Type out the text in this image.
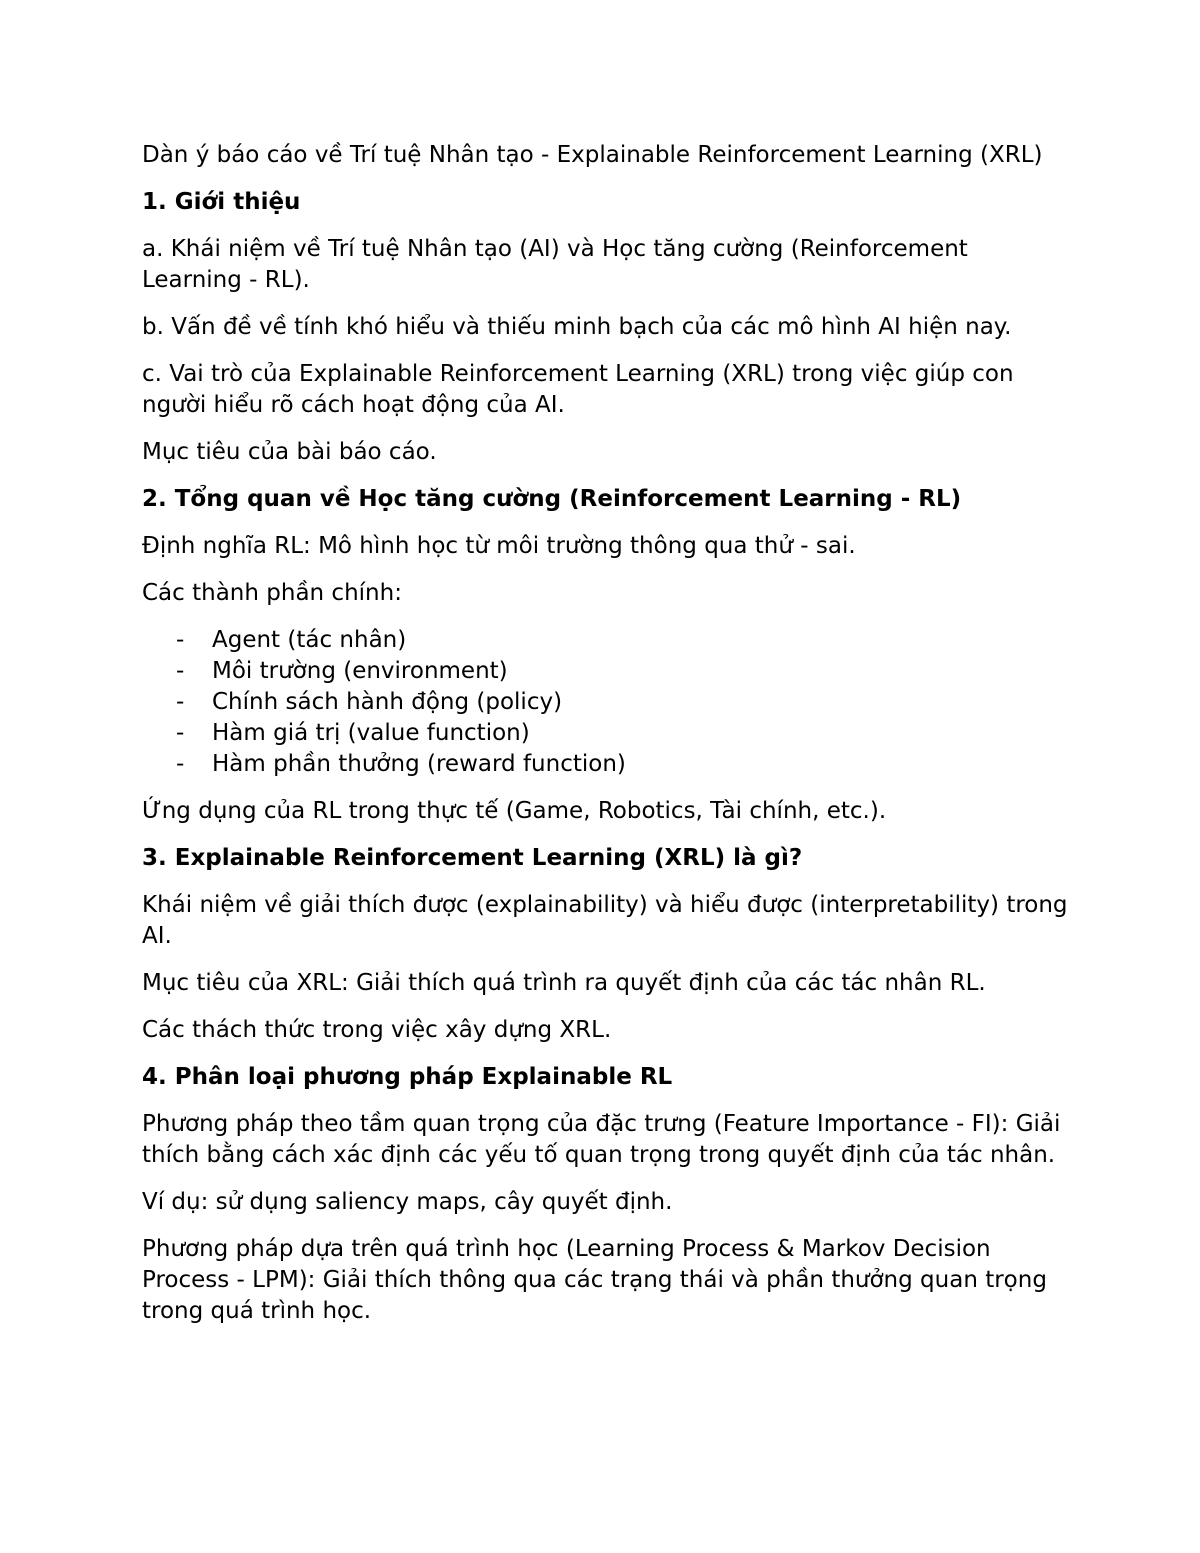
Dàn ý báo cáo về Trí tuệ Nhân tạo - Explainable Reinforcement Learning (XRL)

1. Giới thiệu

a. Khái niệm về Trí tuệ Nhân tạo (AI) và Học tăng cường (Reinforcement Learning - RL).

b. Vấn đề về tính khó hiểu và thiếu minh bạch của các mô hình AI hiện nay.

c. Vai trò của Explainable Reinforcement Learning (XRL) trong việc giúp con người hiểu rõ cách hoạt động của AI.

Mục tiêu của bài báo cáo.

2. Tổng quan về Học tăng cường (Reinforcement Learning - RL)

Định nghĩa RL: Mô hình học từ môi trường thông qua thử - sai.

Các thành phần chính:

- Agent (tác nhân)
- Môi trường (environment)
- Chính sách hành động (policy)
- Hàm giá trị (value function)
- Hàm phần thưởng (reward function)

Ứng dụng của RL trong thực tế (Game, Robotics, Tài chính, etc.).

3. Explainable Reinforcement Learning (XRL) là gì?

Khái niệm về giải thích được (explainability) và hiểu được (interpretability) trong AI.

Mục tiêu của XRL: Giải thích quá trình ra quyết định của các tác nhân RL.

Các thách thức trong việc xây dựng XRL.

4. Phân loại phương pháp Explainable RL

Phương pháp theo tầm quan trọng của đặc trưng (Feature Importance - FI): Giải thích bằng cách xác định các yếu tố quan trọng trong quyết định của tác nhân.

Ví dụ: sử dụng saliency maps, cây quyết định.

Phương pháp dựa trên quá trình học (Learning Process & Markov Decision Process - LPM): Giải thích thông qua các trạng thái và phần thưởng quan trọng trong quá trình học.
